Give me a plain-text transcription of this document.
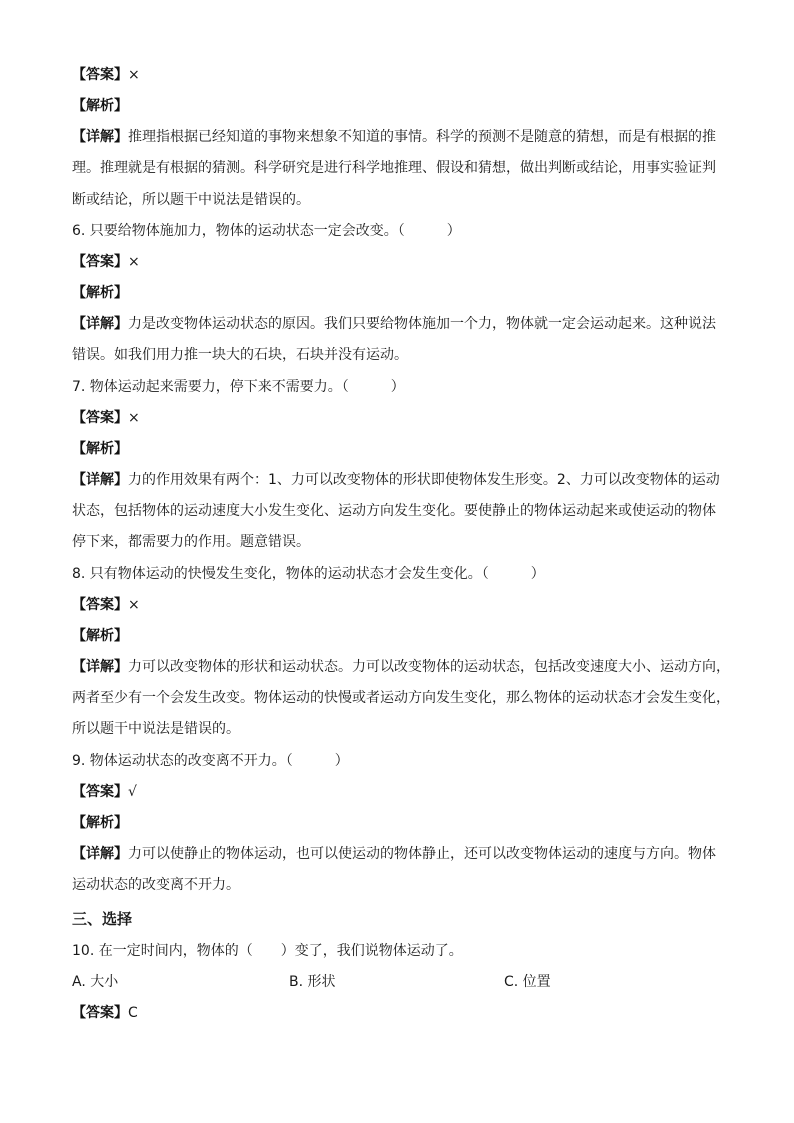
【答案】×
【解析】
【详解】推理指根据已经知道的事物来想象不知道的事情。科学的预测不是随意的猜想，而是有根据的推
理。推理就是有根据的猜测。科学研究是进行科学地推理、假设和猜想，做出判断或结论，用事实验证判
断或结论，所以题干中说法是错误的。
6. 只要给物体施加力，物体的运动状态一定会改变。（　　　）
【答案】×
【解析】
【详解】力是改变物体运动状态的原因。我们只要给物体施加一个力，物体就一定会运动起来。这种说法
错误。如我们用力推一块大的石块，石块并没有运动。
7. 物体运动起来需要力，停下来不需要力。（　　　）
【答案】×
【解析】
【详解】力的作用效果有两个：1、力可以改变物体的形状即使物体发生形变。2、力可以改变物体的运动
状态，包括物体的运动速度大小发生变化、运动方向发生变化。要使静止的物体运动起来或使运动的物体
停下来，都需要力的作用。题意错误。
8. 只有物体运动的快慢发生变化，物体的运动状态才会发生变化。（　　　）
【答案】×
【解析】
【详解】力可以改变物体的形状和运动状态。力可以改变物体的运动状态，包括改变速度大小、运动方向，
两者至少有一个会发生改变。物体运动的快慢或者运动方向发生变化，那么物体的运动状态才会发生变化，
所以题干中说法是错误的。
9. 物体运动状态的改变离不开力。（　　　）
【答案】√
【解析】
【详解】力可以使静止的物体运动，也可以使运动的物体静止，还可以改变物体运动的速度与方向。物体
运动状态的改变离不开力。
三、选择
10. 在一定时间内，物体的（　　）变了，我们说物体运动了。
A. 大小	B. 形状	C. 位置
【答案】C
